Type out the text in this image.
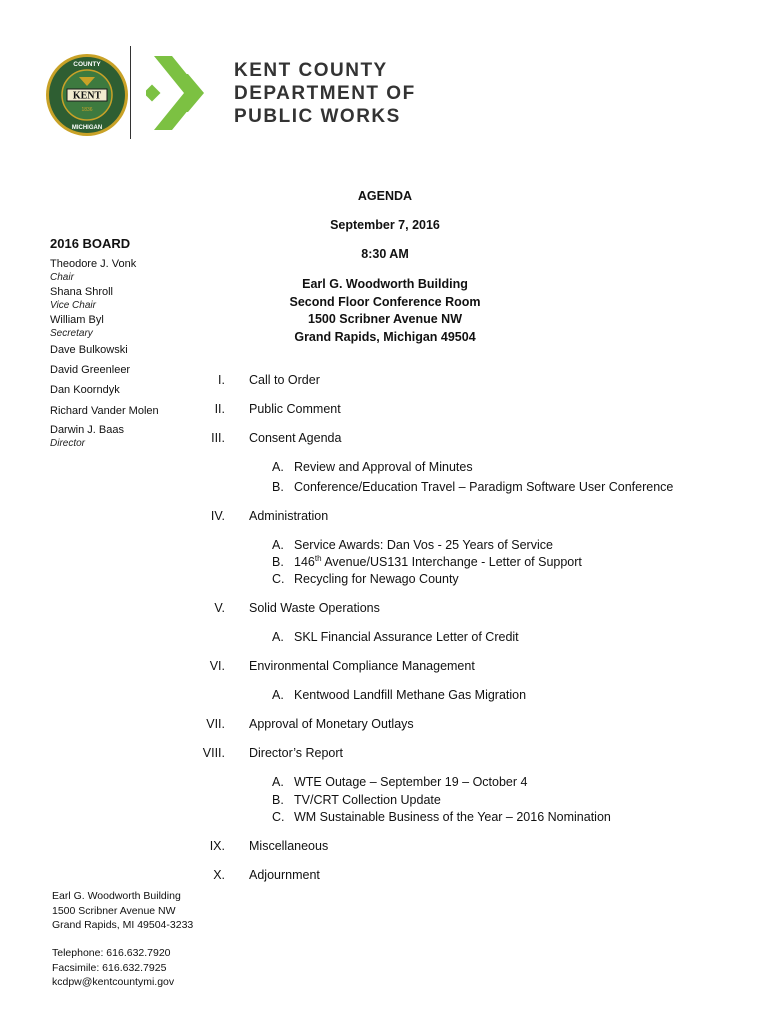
KENT
1836
COUNTY
MICHIGAN
KENT COUNTY
DEPARTMENT OF
PUBLIC WORKS
AGENDA
September 7, 2016
8:30 AM
Earl G. Woodworth Building
Second Floor Conference Room
1500 Scribner Avenue NW
Grand Rapids, Michigan 49504
2016 BOARD
Theodore J. Vonk
Chair
Shana Shroll
Vice Chair
William Byl
Secretary
Dave Bulkowski
David Greenleer
Dan Koorndyk
Richard Vander Molen
Darwin J. Baas
Director
Earl G. Woodworth Building
1500 Scribner Avenue NW
Grand Rapids, MI 49504-3233
Telephone: 616.632.7920
Facsimile: 616.632.7925
kcdpw@kentcountymi.gov
I. Call to Order
II. Public Comment
III. Consent Agenda
A. Review and Approval of Minutes
B. Conference/Education Travel – Paradigm Software User Conference
IV. Administration
A. Service Awards: Dan Vos - 25 Years of Service
B. 146th Avenue/US131 Interchange - Letter of Support
C. Recycling for Newago County
V. Solid Waste Operations
A. SKL Financial Assurance Letter of Credit
VI. Environmental Compliance Management
A. Kentwood Landfill Methane Gas Migration
VII. Approval of Monetary Outlays
VIII. Director’s Report
A. WTE Outage – September 19 – October 4
B. TV/CRT Collection Update
C. WM Sustainable Business of the Year – 2016 Nomination
IX. Miscellaneous
X. Adjournment
